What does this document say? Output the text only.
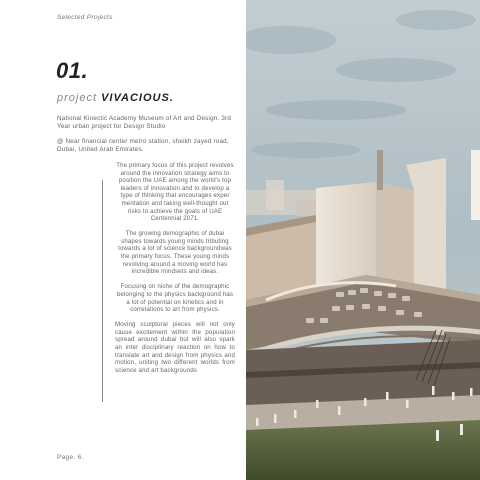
Selected Projects
01.
project VIVACIOUS.
National Kinectic Academy Museum of Art and Design. 3rd Year urban project for Design Studio
@ Near financial center metro station, sheikh zayed road, Dubai, United Arab Emirates.

The primary focus of this project revolves around the innovation strategy aims to position the UAE among the world's top leaders of innovation and to develop a type of thinking that encourages exper mentation and taking well-thought out risks to achieve the goals of UAE Centennial 2071.

The growing demographic of dubai shapes towards young minds tributing towards a lot of science backgroundwas the primary focus. These young minds revolving around a moving world has incredible mindsets and ideas.

Focusing on niche of the demographic belonging to the physics background has a lot of potential on kinetics and in correlations to art from physics.

Moving sculptural pieces will not only cause excitement within the population spread around dubai but will also spark an inter disciplinary reaction on how to translate art and design from physics and motion, uniting two different worlds from science and art backgrounds

Page. 6.
